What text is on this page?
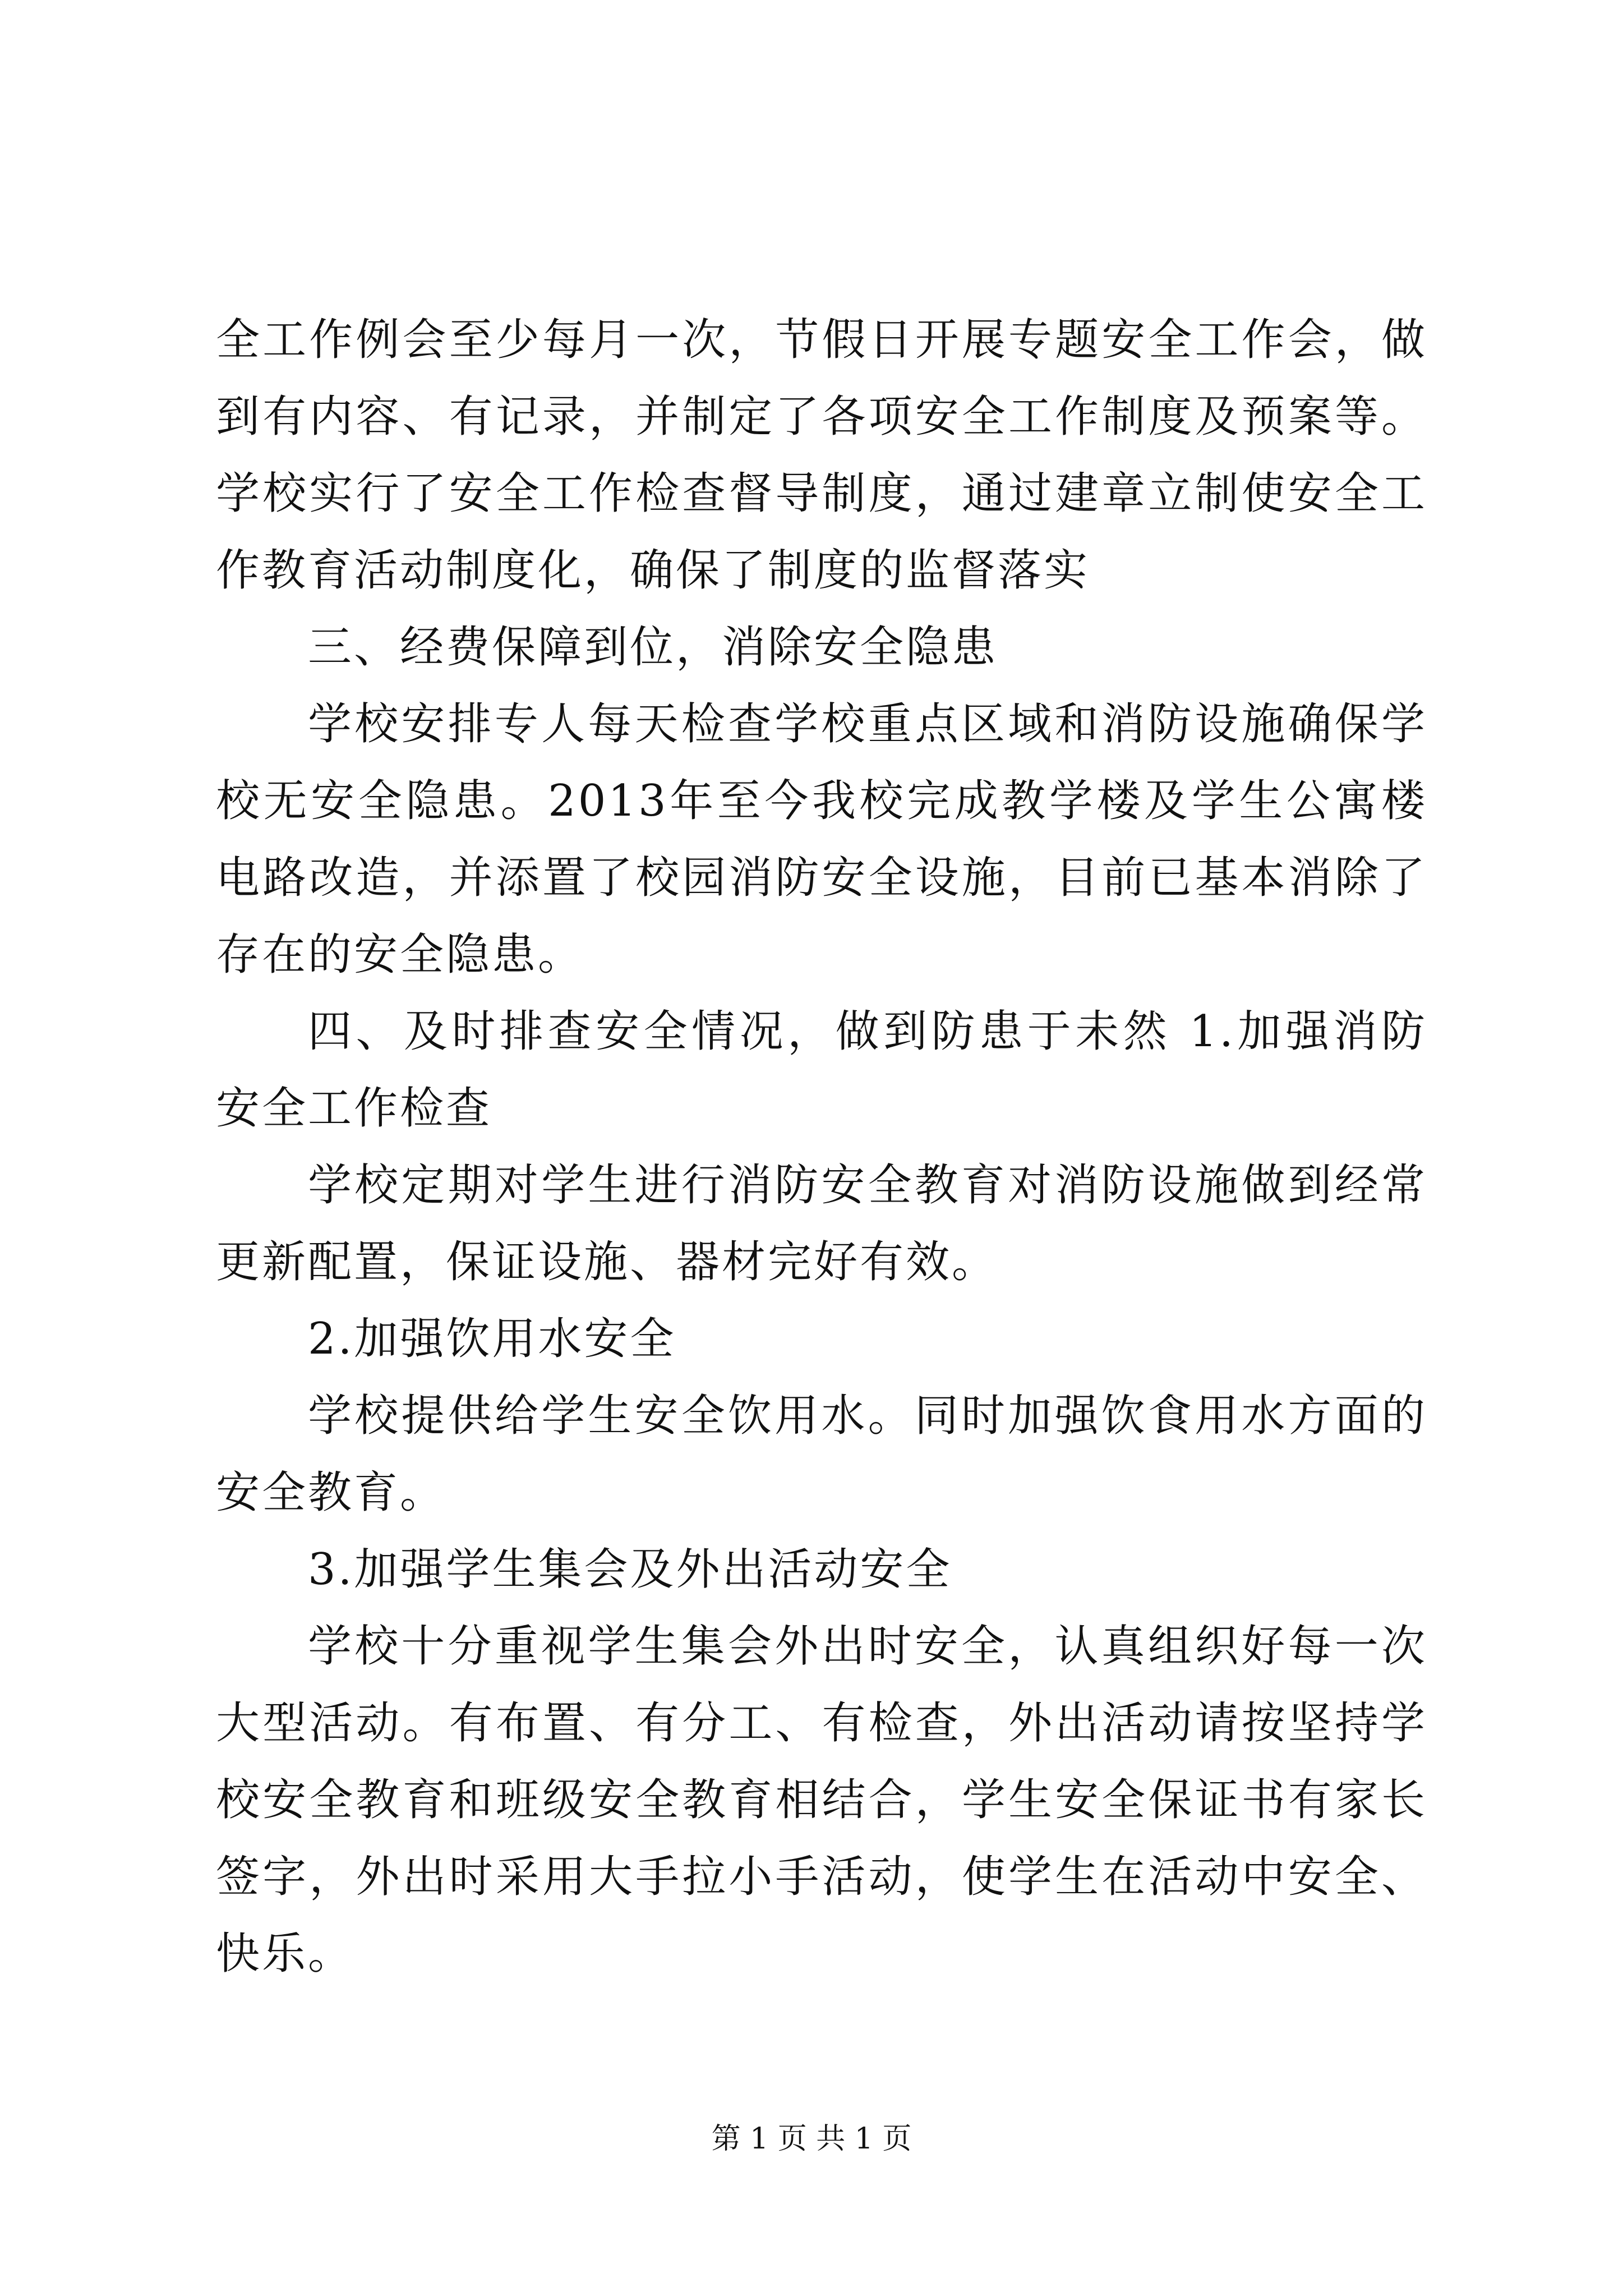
全工作例会至少每月一次，节假日开展专题安全工作会，做到有内容、有记录，并制定了各项安全工作制度及预案等。学校实行了安全工作检查督导制度，通过建章立制使安全工作教育活动制度化，确保了制度的监督落实

三、经费保障到位，消除安全隐患

学校安排专人每天检查学校重点区域和消防设施确保学校无安全隐患。2013年至今我校完成教学楼及学生公寓楼电路改造，并添置了校园消防安全设施，目前已基本消除了存在的安全隐患。

四、及时排查安全情况，做到防患于未然 1.加强消防安全工作检查

学校定期对学生进行消防安全教育对消防设施做到经常更新配置，保证设施、器材完好有效。

2.加强饮用水安全

学校提供给学生安全饮用水。同时加强饮食用水方面的安全教育。

3.加强学生集会及外出活动安全

学校十分重视学生集会外出时安全，认真组织好每一次大型活动。有布置、有分工、有检查，外出活动请按坚持学校安全教育和班级安全教育相结合，学生安全保证书有家长签字，外出时采用大手拉小手活动，使学生在活动中安全、快乐。

第 1 页 共 1 页
